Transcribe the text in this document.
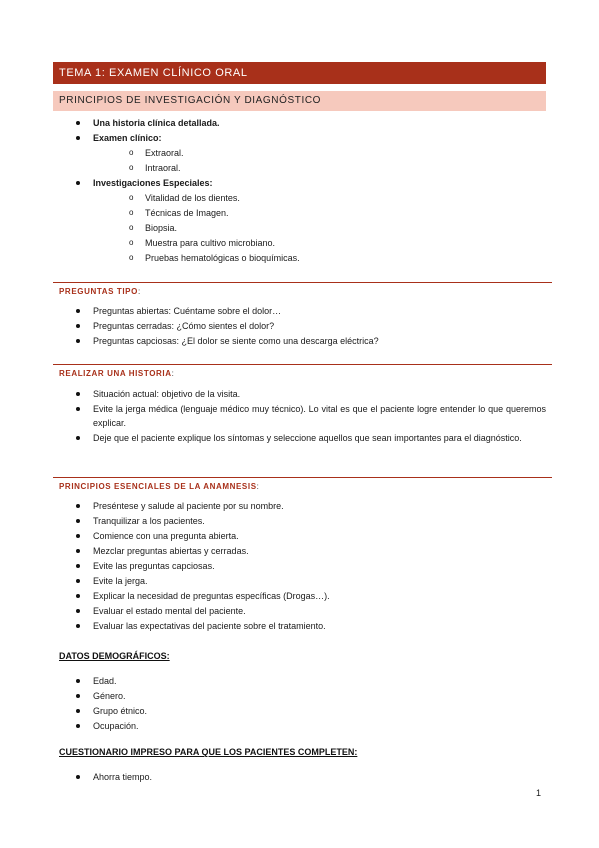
TEMA 1: EXAMEN CLÍNICO ORAL
PRINCIPIOS DE INVESTIGACIÓN Y DIAGNÓSTICO
Una historia clínica detallada.
Examen clínico:
o Extraoral.
o Intraoral.
Investigaciones Especiales:
o Vitalidad de los dientes.
o Técnicas de Imagen.
o Biopsia.
o Muestra para cultivo microbiano.
o Pruebas hematológicas o bioquímicas.
PREGUNTAS TIPO:
Preguntas abiertas: Cuéntame sobre el dolor…
Preguntas cerradas: ¿Cómo sientes el dolor?
Preguntas capciosas: ¿El dolor se siente como una descarga eléctrica?
REALIZAR UNA HISTORIA:
Situación actual: objetivo de la visita.
Evite la jerga médica (lenguaje médico muy técnico). Lo vital es que el paciente logre entender lo que queremos explicar.
Deje que el paciente explique los síntomas y seleccione aquellos que sean importantes para el diagnóstico.
PRINCIPIOS ESENCIALES DE LA ANAMNESIS:
Preséntese y salude al paciente por su nombre.
Tranquilizar a los pacientes.
Comience con una pregunta abierta.
Mezclar preguntas abiertas y cerradas.
Evite las preguntas capciosas.
Evite la jerga.
Explicar la necesidad de preguntas específicas (Drogas…).
Evaluar el estado mental del paciente.
Evaluar las expectativas del paciente sobre el tratamiento.
DATOS DEMOGRÁFICOS:
Edad.
Género.
Grupo étnico.
Ocupación.
CUESTIONARIO IMPRESO PARA QUE LOS PACIENTES COMPLETEN:
Ahorra tiempo.
1
